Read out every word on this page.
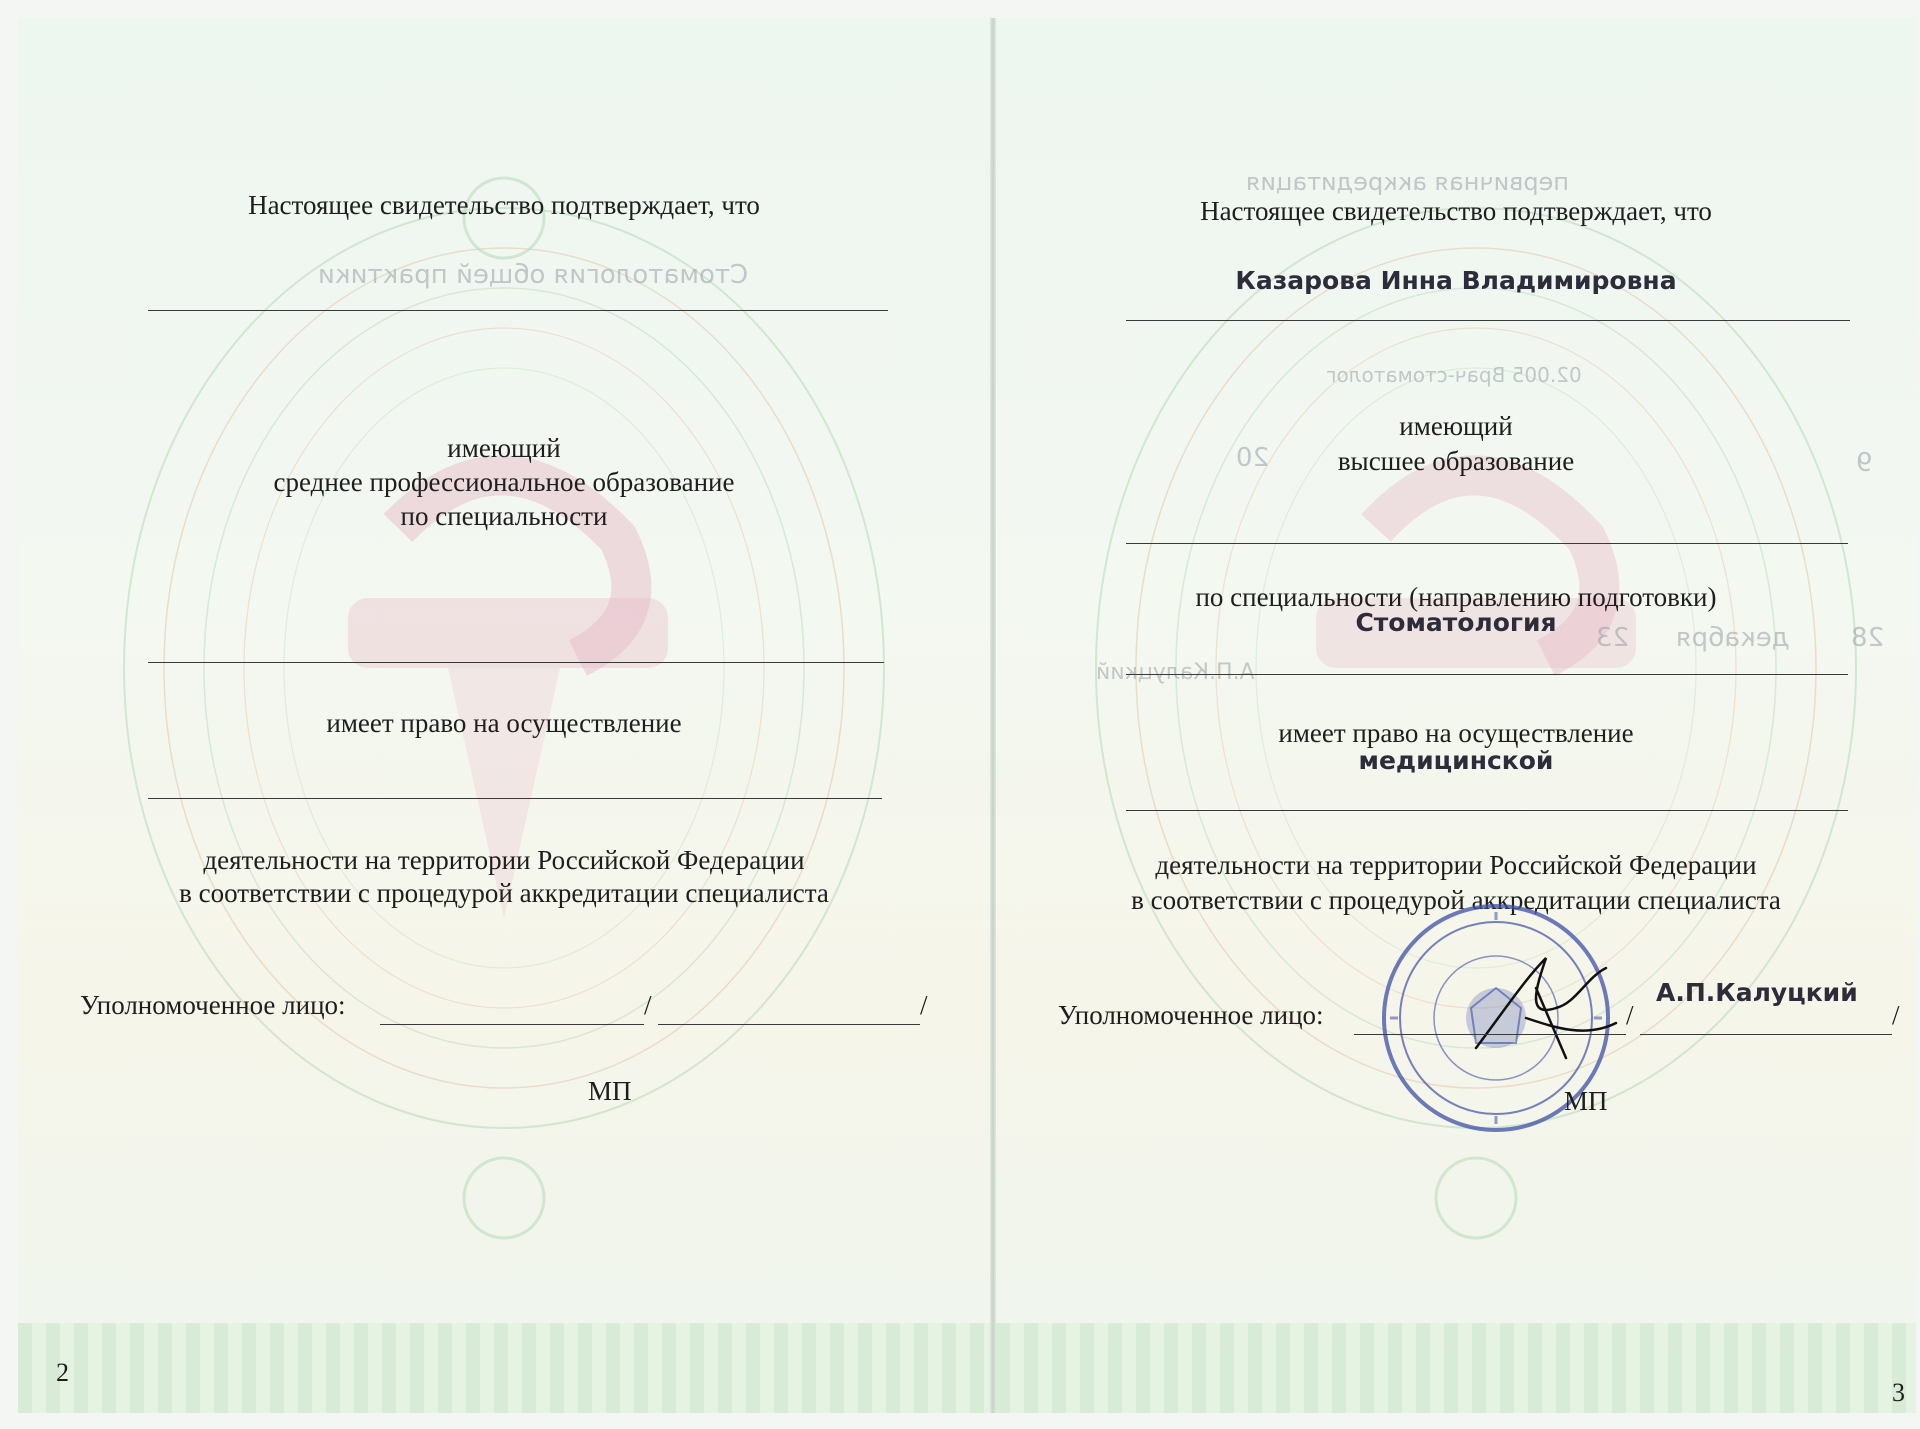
Настоящее свидетельство подтверждает, что
Стоматология общей практики
имеющий
среднее профессиональное образование
по специальности
имеет право на осуществление
деятельности на территории Российской Федерации
в соответствии с процедурой аккредитации специалиста
Уполномоченное лицо:	/	/
МП
2
первичная аккредитация
02.005 Врач-стоматолог
9
20
28
декабря
23
А.П.Калуцкий
Настоящее свидетельство подтверждает, что
Казарова Инна Владимировна
имеющий
высшее образование
по специальности (направлению подготовки)
Стоматология
имеет право на осуществление
медицинской
деятельности на территории Российской Федерации
в соответствии с процедурой аккредитации специалиста
Уполномоченное лицо:	/	/
А.П.Калуцкий
МП
3
